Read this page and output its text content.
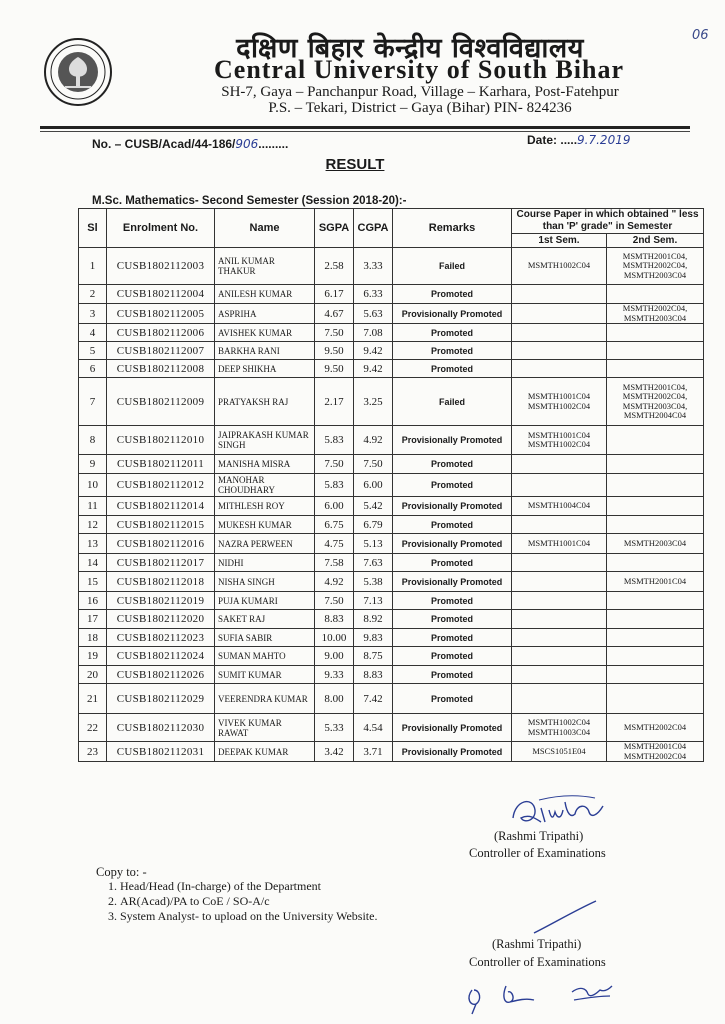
दक्षिण बिहार केन्द्रीय विश्वविद्यालय
Central University of South Bihar
SH-7, Gaya – Panchanpur Road, Village – Karhara, Post-Fatehpur
P.S. – Tekari, District – Gaya (Bihar) PIN- 824236
06
No. – CUSB/Acad/44-186/906.........	Date: .....9.7.2019
RESULT
M.Sc. Mathematics- Second Semester (Session 2018-20):-
Sl	Enrolment No.	Name	SGPA	CGPA	Remarks	Course Paper in which obtained " less than 'P' grade" in Semester	
						1st Sem.	2nd Sem.
1	CUSB1802112003	ANIL KUMAR THAKUR	2.58	3.33	Failed	MSMTH1002C04	MSMTH2001C04, MSMTH2002C04, MSMTH2003C04
2	CUSB1802112004	ANILESH KUMAR	6.17	6.33	Promoted		
3	CUSB1802112005	ASPRIHA	4.67	5.63	Provisionally Promoted		MSMTH2002C04, MSMTH2003C04
4	CUSB1802112006	AVISHEK KUMAR	7.50	7.08	Promoted		
5	CUSB1802112007	BARKHA RANI	9.50	9.42	Promoted		
6	CUSB1802112008	DEEP SHIKHA	9.50	9.42	Promoted		
7	CUSB1802112009	PRATYAKSH RAJ	2.17	3.25	Failed	MSMTH1001C04 MSMTH1002C04	MSMTH2001C04, MSMTH2002C04, MSMTH2003C04, MSMTH2004C04
8	CUSB1802112010	JAIPRAKASH KUMAR SINGH	5.83	4.92	Provisionally Promoted	MSMTH1001C04 MSMTH1002C04	
9	CUSB1802112011	MANISHA MISRA	7.50	7.50	Promoted		
10	CUSB1802112012	MANOHAR CHOUDHARY	5.83	6.00	Promoted		
11	CUSB1802112014	MITHLESH ROY	6.00	5.42	Provisionally Promoted	MSMTH1004C04	
12	CUSB1802112015	MUKESH KUMAR	6.75	6.79	Promoted		
13	CUSB1802112016	NAZRA PERWEEN	4.75	5.13	Provisionally Promoted	MSMTH1001C04	MSMTH2003C04
14	CUSB1802112017	NIDHI	7.58	7.63	Promoted		
15	CUSB1802112018	NISHA SINGH	4.92	5.38	Provisionally Promoted		MSMTH2001C04
16	CUSB1802112019	PUJA KUMARI	7.50	7.13	Promoted		
17	CUSB1802112020	SAKET RAJ	8.83	8.92	Promoted		
18	CUSB1802112023	SUFIA SABIR	10.00	9.83	Promoted		
19	CUSB1802112024	SUMAN MAHTO	9.00	8.75	Promoted		
20	CUSB1802112026	SUMIT KUMAR	9.33	8.83	Promoted		
21	CUSB1802112029	VEERENDRA KUMAR	8.00	7.42	Promoted		
22	CUSB1802112030	VIVEK KUMAR RAWAT	5.33	4.54	Provisionally Promoted	MSMTH1002C04 MSMTH1003C04	MSMTH2002C04
23	CUSB1802112031	DEEPAK KUMAR	3.42	3.71	Provisionally Promoted	MSCS1051E04	MSMTH2001C04 MSMTH2002C04
(Rashmi Tripathi)
Controller of Examinations
Copy to: -
1. Head/Head (In-charge) of the Department
2. AR(Acad)/PA to CoE / SO-A/c
3. System Analyst- to upload on the University Website.
(Rashmi Tripathi)
Controller of Examinations
